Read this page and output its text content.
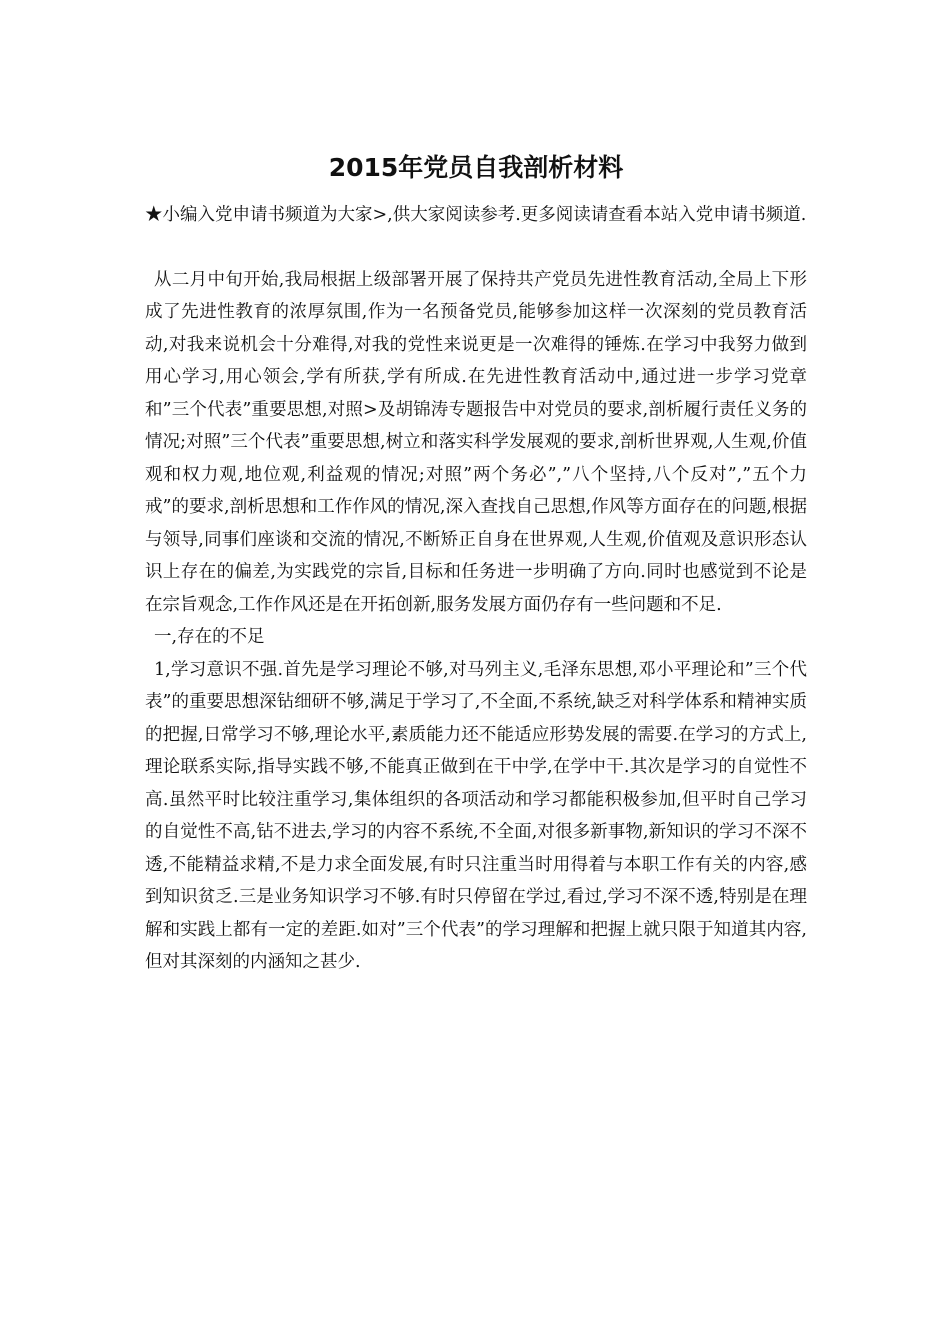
2015年党员自我剖析材料

★小编入党申请书频道为大家>,供大家阅读参考.更多阅读请查看本站入党申请书频道.

从二月中旬开始,我局根据上级部署开展了保持共产党员先进性教育活动,全局上下形成了先进性教育的浓厚氛围,作为一名预备党员,能够参加这样一次深刻的党员教育活动,对我来说机会十分难得,对我的党性来说更是一次难得的锤炼.在学习中我努力做到用心学习,用心领会,学有所获,学有所成.在先进性教育活动中,通过进一步学习党章和”三个代表”重要思想,对照>及胡锦涛专题报告中对党员的要求,剖析履行责任义务的情况;对照”三个代表”重要思想,树立和落实科学发展观的要求,剖析世界观,人生观,价值观和权力观,地位观,利益观的情况;对照”两个务必”,”八个坚持,八个反对”,”五个力戒”的要求,剖析思想和工作作风的情况,深入查找自己思想,作风等方面存在的问题,根据与领导,同事们座谈和交流的情况,不断矫正自身在世界观,人生观,价值观及意识形态认识上存在的偏差,为实践党的宗旨,目标和任务进一步明确了方向.同时也感觉到不论是在宗旨观念,工作作风还是在开拓创新,服务发展方面仍存有一些问题和不足.

一,存在的不足

1,学习意识不强.首先是学习理论不够,对马列主义,毛泽东思想,邓小平理论和”三个代表”的重要思想深钻细研不够,满足于学习了,不全面,不系统,缺乏对科学体系和精神实质的把握,日常学习不够,理论水平,素质能力还不能适应形势发展的需要.在学习的方式上,理论联系实际,指导实践不够,不能真正做到在干中学,在学中干.其次是学习的自觉性不高.虽然平时比较注重学习,集体组织的各项活动和学习都能积极参加,但平时自己学习的自觉性不高,钻不进去,学习的内容不系统,不全面,对很多新事物,新知识的学习不深不透,不能精益求精,不是力求全面发展,有时只注重当时用得着与本职工作有关的内容,感到知识贫乏.三是业务知识学习不够.有时只停留在学过,看过,学习不深不透,特别是在理解和实践上都有一定的差距.如对”三个代表”的学习理解和把握上就只限于知道其内容,但对其深刻的内涵知之甚少.
